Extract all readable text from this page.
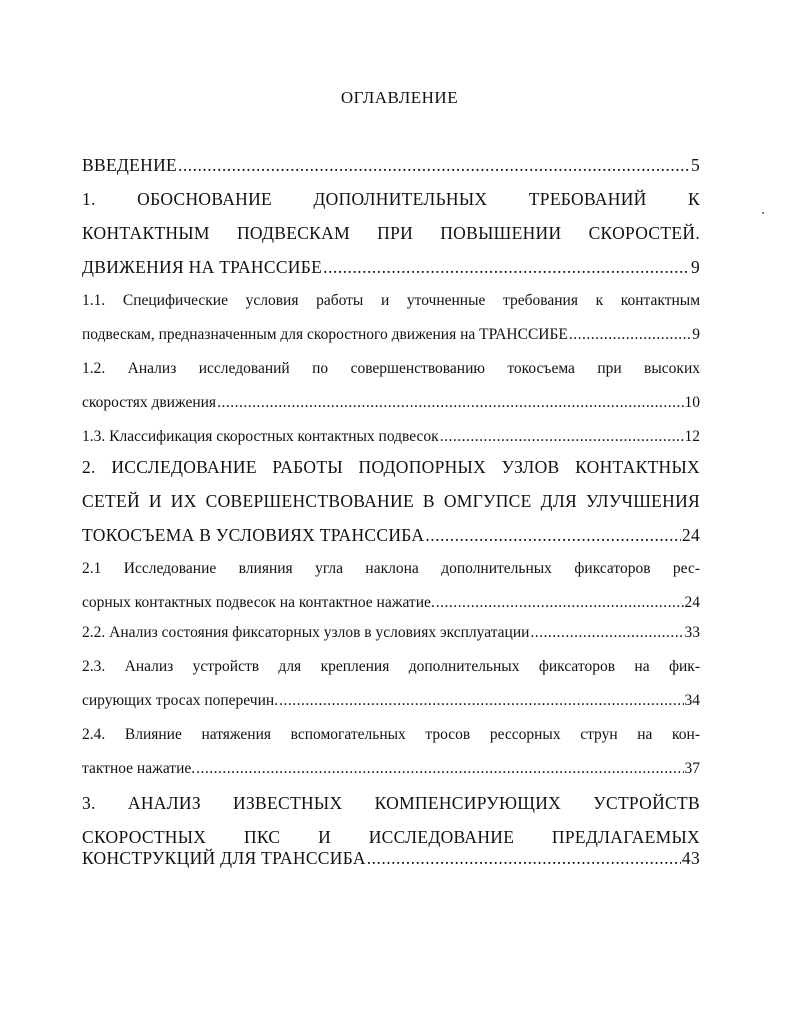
ОГЛАВЛЕНИЕ
ВВЕДЕНИЕ .....	5
1. ОБОСНОВАНИЕ ДОПОЛНИТЕЛЬНЫХ ТРЕБОВАНИЙ К
КОНТАКТНЫМ ПОДВЕСКАМ ПРИ ПОВЫШЕНИИ СКОРОСТЕЙ.
ДВИЖЕНИЯ НА ТРАНССИБЕ .....	9
1.1. Специфические условия работы и уточненные требования к контактным
подвескам, предназначенным для скоростного движения на ТРАНССИБЕ .....	9
1.2. Анализ исследований по совершенствованию токосъема при высоких
скоростях движения .....	10
1.3. Классификация скоростных контактных подвесок .....	12
2. ИССЛЕДОВАНИЕ РАБОТЫ ПОДОПОРНЫХ УЗЛОВ КОНТАКТНЫХ
СЕТЕЙ И ИХ СОВЕРШЕНСТВОВАНИЕ В ОМГУПСЕ ДЛЯ УЛУЧШЕНИЯ
ТОКОСЪЕМА В УСЛОВИЯХ ТРАНССИБА .....	24
2.1 Исследование влияния угла наклона дополнительных фиксаторов рес-
сорных контактных подвесок на контактное нажатие. .....	24
2.2. Анализ состояния фиксаторных узлов в условиях эксплуатации .....	33
2.3. Анализ устройств для крепления дополнительных фиксаторов на фик-
сирующих тросах поперечин. .....	34
2.4. Влияние натяжения вспомогательных тросов рессорных струн на кон-
тактное нажатие. .....	37
3. АНАЛИЗ ИЗВЕСТНЫХ КОМПЕНСИРУЮЩИХ УСТРОЙСТВ
СКОРОСТНЫХ ПКС И ИССЛЕДОВАНИЕ ПРЕДЛАГАЕМЫХ
КОНСТРУКЦИЙ ДЛЯ ТРАНССИБА .....	43
